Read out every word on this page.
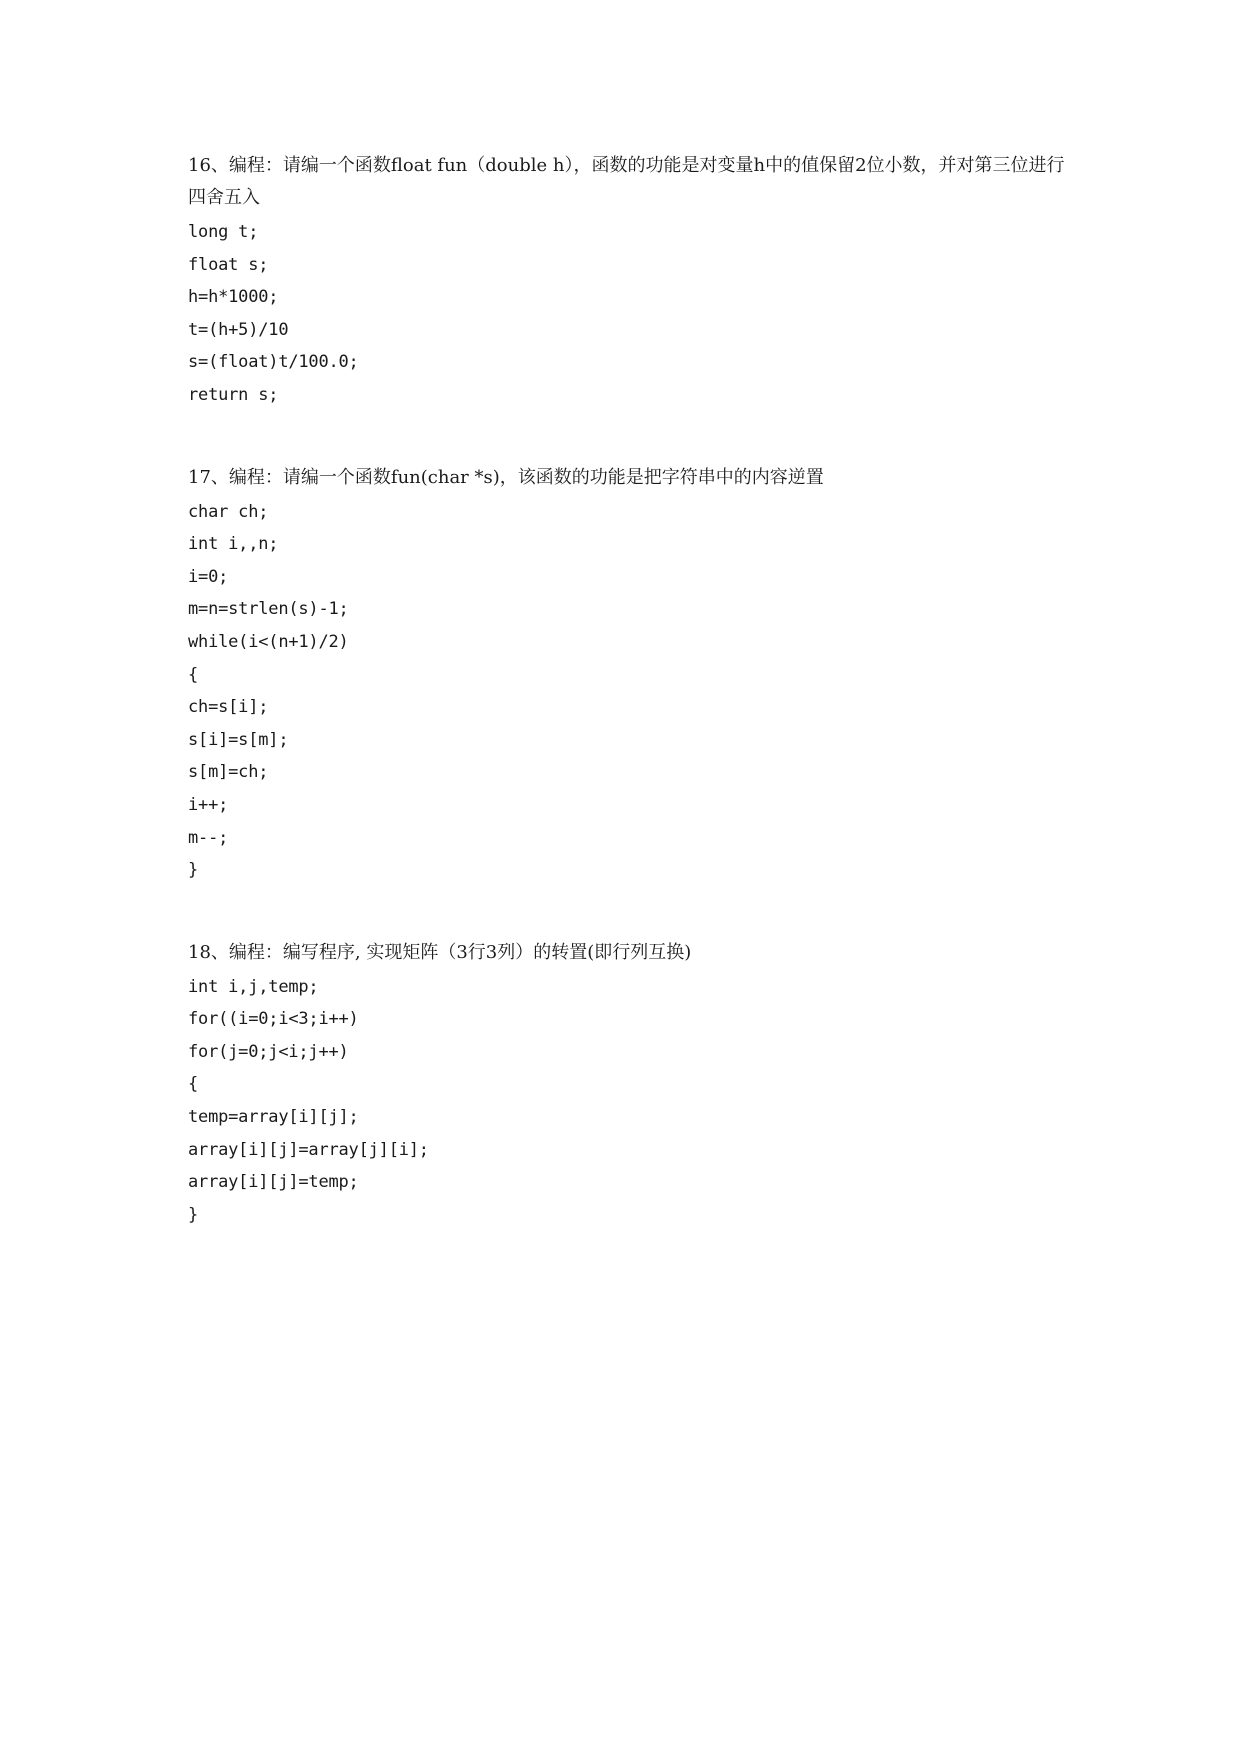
16、编程：请编一个函数float fun（double h），函数的功能是对变量h中的值保留2位小数，并对第三位进行四舍五入
long t;
float s;
h=h*1000;
t=(h+5)/10
s=(float)t/100.0;
return s;
17、编程：请编一个函数fun(char *s)，该函数的功能是把字符串中的内容逆置
char ch;
int i,,n;
i=0;
m=n=strlen(s)-1;
while(i<(n+1)/2)
{
ch=s[i];
s[i]=s[m];
s[m]=ch;
i++;
m--;
}
18、编程：编写程序, 实现矩阵（3行3列）的转置(即行列互换)
int i,j,temp;
for((i=0;i<3;i++)
for(j=0;j<i;j++)
{
temp=array[i][j];
array[i][j]=array[j][i];
array[i][j]=temp;
}
